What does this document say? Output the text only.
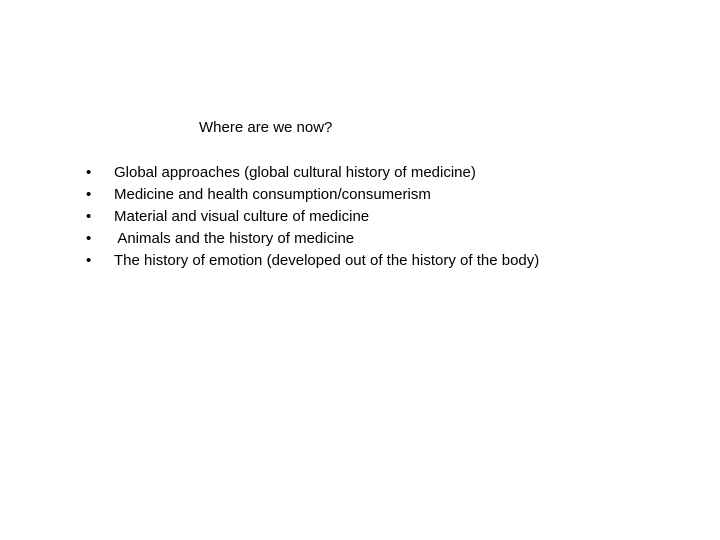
Where are we now?
•	Global approaches (global cultural history of medicine)
•	Medicine and health consumption/consumerism
•	Material and visual culture of medicine
•	Animals and the history of medicine
•	The history of emotion (developed out of the history of the body)
